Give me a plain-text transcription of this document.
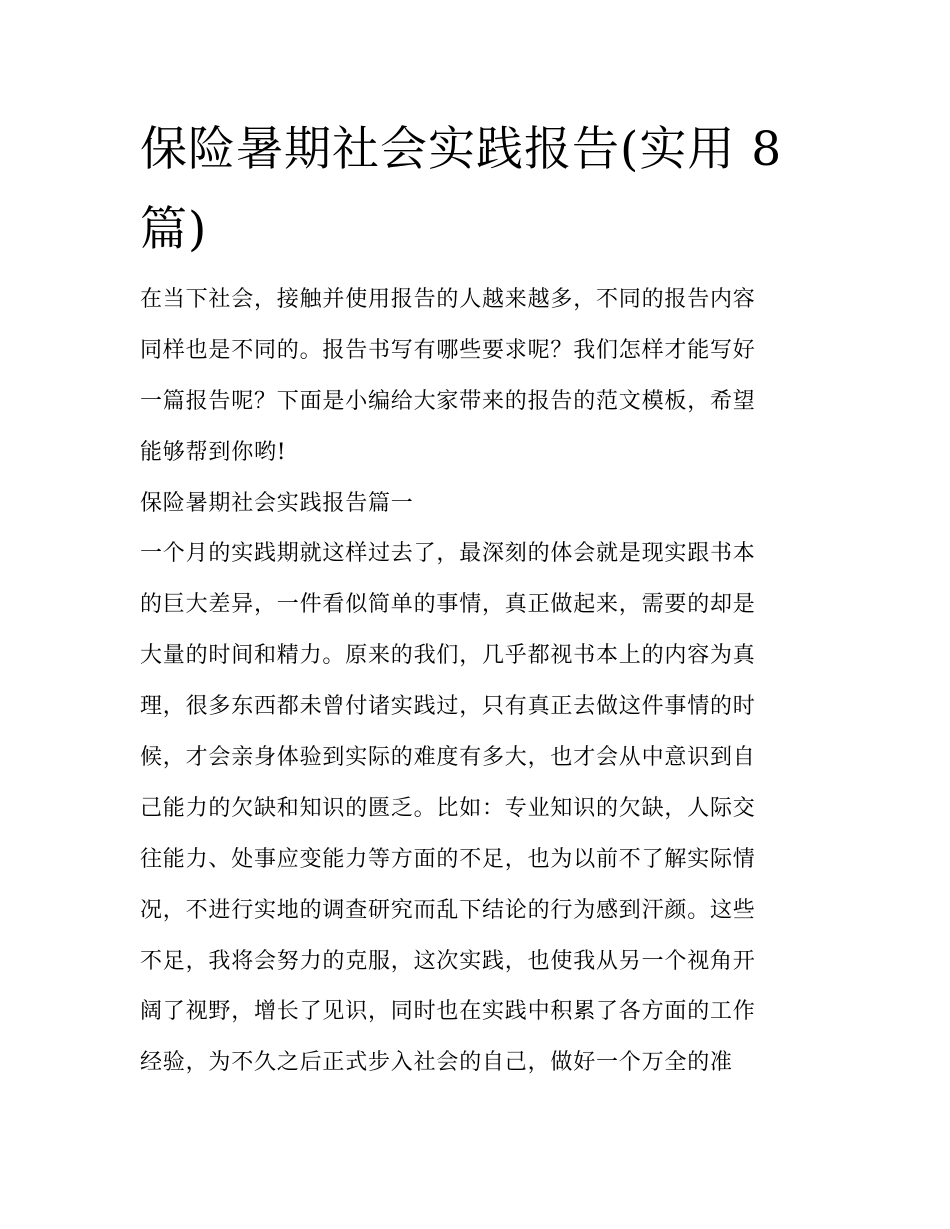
保险暑期社会实践报告(实用 8
篇)
在当下社会，接触并使用报告的人越来越多，不同的报告内容
同样也是不同的。报告书写有哪些要求呢？我们怎样才能写好
一篇报告呢？下面是小编给大家带来的报告的范文模板，希望
能够帮到你哟!
保险暑期社会实践报告篇一
一个月的实践期就这样过去了，最深刻的体会就是现实跟书本
的巨大差异，一件看似简单的事情，真正做起来，需要的却是
大量的时间和精力。原来的我们，几乎都视书本上的内容为真
理，很多东西都未曾付诸实践过，只有真正去做这件事情的时
候，才会亲身体验到实际的难度有多大，也才会从中意识到自
己能力的欠缺和知识的匮乏。比如：专业知识的欠缺，人际交
往能力、处事应变能力等方面的不足，也为以前不了解实际情
况，不进行实地的调查研究而乱下结论的行为感到汗颜。这些
不足，我将会努力的克服，这次实践，也使我从另一个视角开
阔了视野，增长了见识，同时也在实践中积累了各方面的工作
经验，为不久之后正式步入社会的自己，做好一个万全的准
